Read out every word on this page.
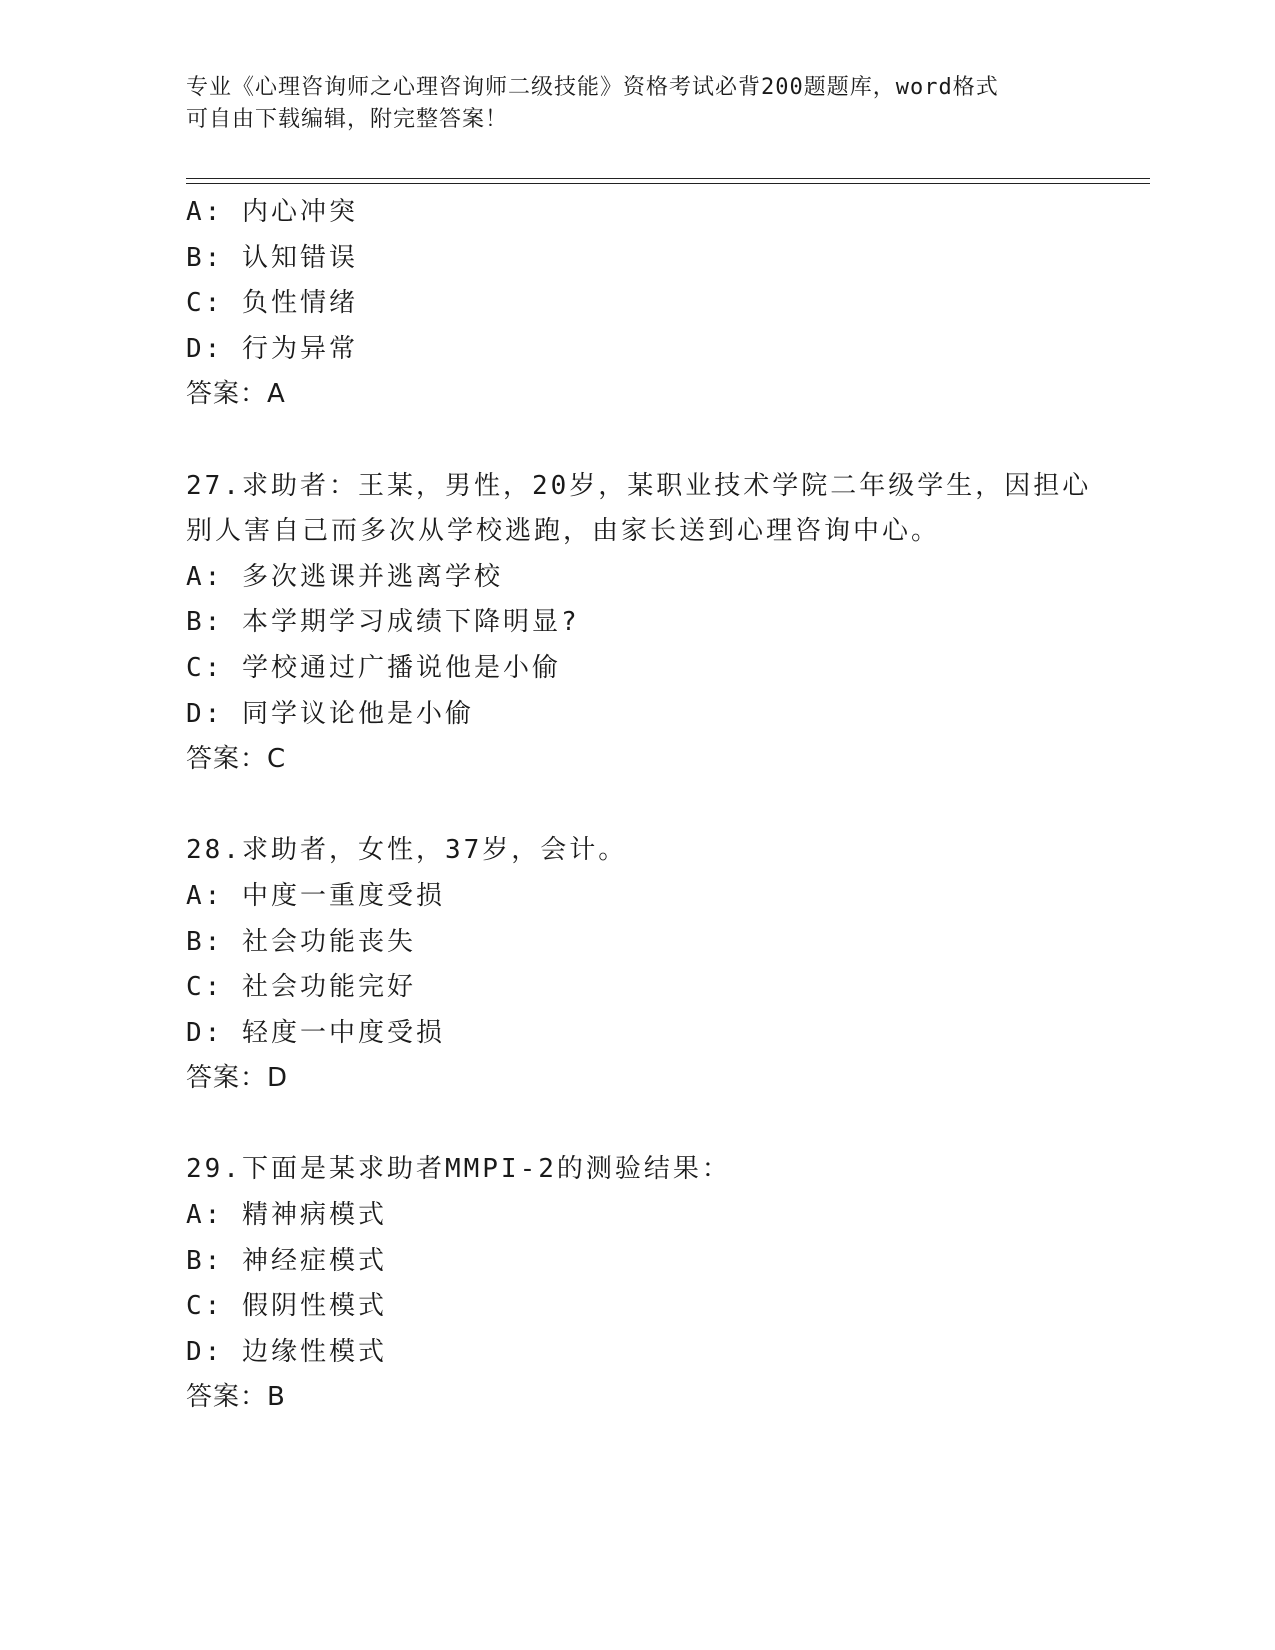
专业《心理咨询师之心理咨询师二级技能》资格考试必背200题题库，word格式
可自由下载编辑，附完整答案！
A: 内心冲突
B: 认知错误
C: 负性情绪
D: 行为异常
答案：A
27.求助者：王某，男性，20岁，某职业技术学院二年级学生，因担心
别人害自己而多次从学校逃跑，由家长送到心理咨询中心。
A: 多次逃课并逃离学校
B: 本学期学习成绩下降明显?
C: 学校通过广播说他是小偷
D: 同学议论他是小偷
答案：C
28.求助者，女性，37岁，会计。
A: 中度一重度受损
B: 社会功能丧失
C: 社会功能完好
D: 轻度一中度受损
答案：D
29.下面是某求助者MMPI-2的测验结果：
A: 精神病模式
B: 神经症模式
C: 假阴性模式
D: 边缘性模式
答案：B
